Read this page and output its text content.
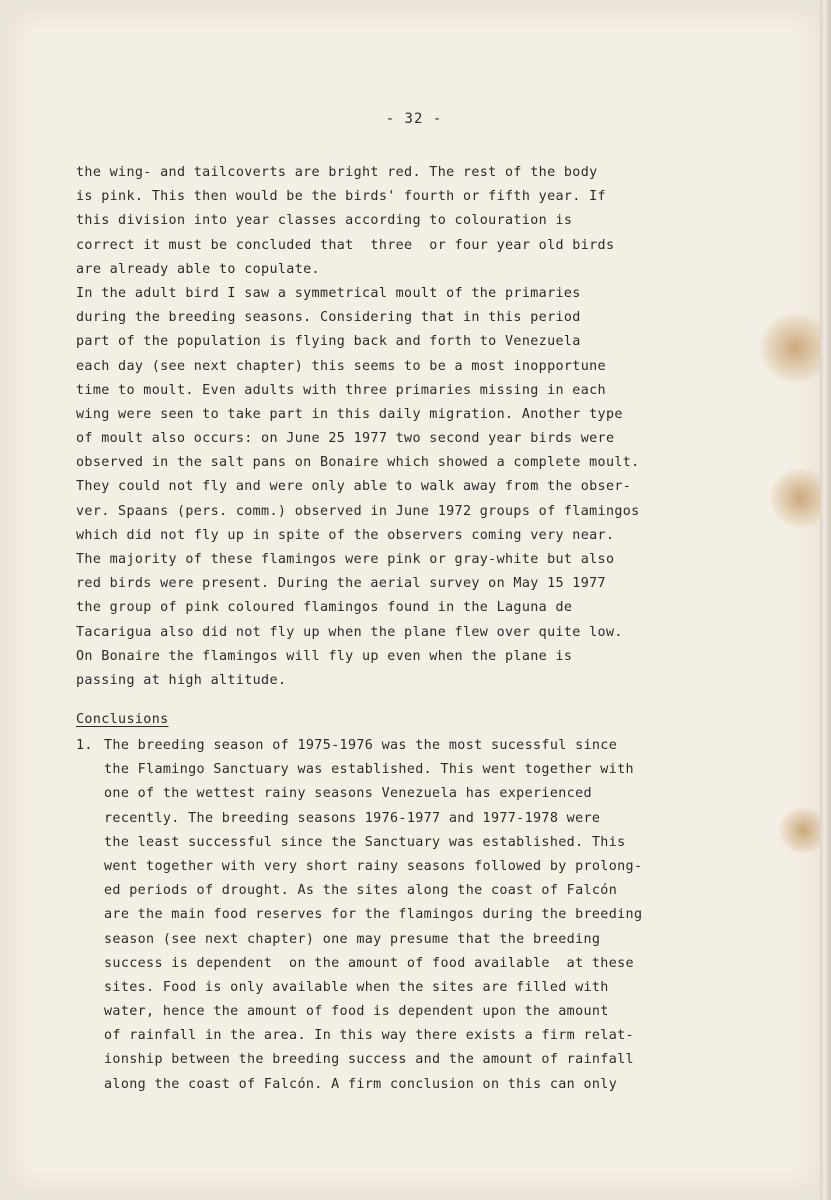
- 32 -
the wing- and tailcoverts are bright red. The rest of the body
is pink. This then would be the birds' fourth or fifth year. If
this division into year classes according to colouration is
correct it must be concluded that  three  or four year old birds
are already able to copulate.
In the adult bird I saw a symmetrical moult of the primaries
during the breeding seasons. Considering that in this period
part of the population is flying back and forth to Venezuela
each day (see next chapter) this seems to be a most inopportune
time to moult. Even adults with three primaries missing in each
wing were seen to take part in this daily migration. Another type
of moult also occurs: on June 25 1977 two second year birds were
observed in the salt pans on Bonaire which showed a complete moult.
They could not fly and were only able to walk away from the obser-
ver. Spaans (pers. comm.) observed in June 1972 groups of flamingos
which did not fly up in spite of the observers coming very near.
The majority of these flamingos were pink or gray-white but also
red birds were present. During the aerial survey on May 15 1977
the group of pink coloured flamingos found in the Laguna de
Tacarigua also did not fly up when the plane flew over quite low.
On Bonaire the flamingos will fly up even when the plane is
passing at high altitude.
Conclusions

1.

The breeding season of 1975-1976 was the most sucessful since
the Flamingo Sanctuary was established. This went together with
one of the wettest rainy seasons Venezuela has experienced
recently. The breeding seasons 1976-1977 and 1977-1978 were
the least successful since the Sanctuary was established. This
went together with very short rainy seasons followed by prolong-
ed periods of drought. As the sites along the coast of Falcón
are the main food reserves for the flamingos during the breeding
season (see next chapter) one may presume that the breeding
success is dependent  on the amount of food available  at these
sites. Food is only available when the sites are filled with
water, hence the amount of food is dependent upon the amount
of rainfall in the area. In this way there exists a firm relat-
ionship between the breeding success and the amount of rainfall
along the coast of Falcón. A firm conclusion on this can only
